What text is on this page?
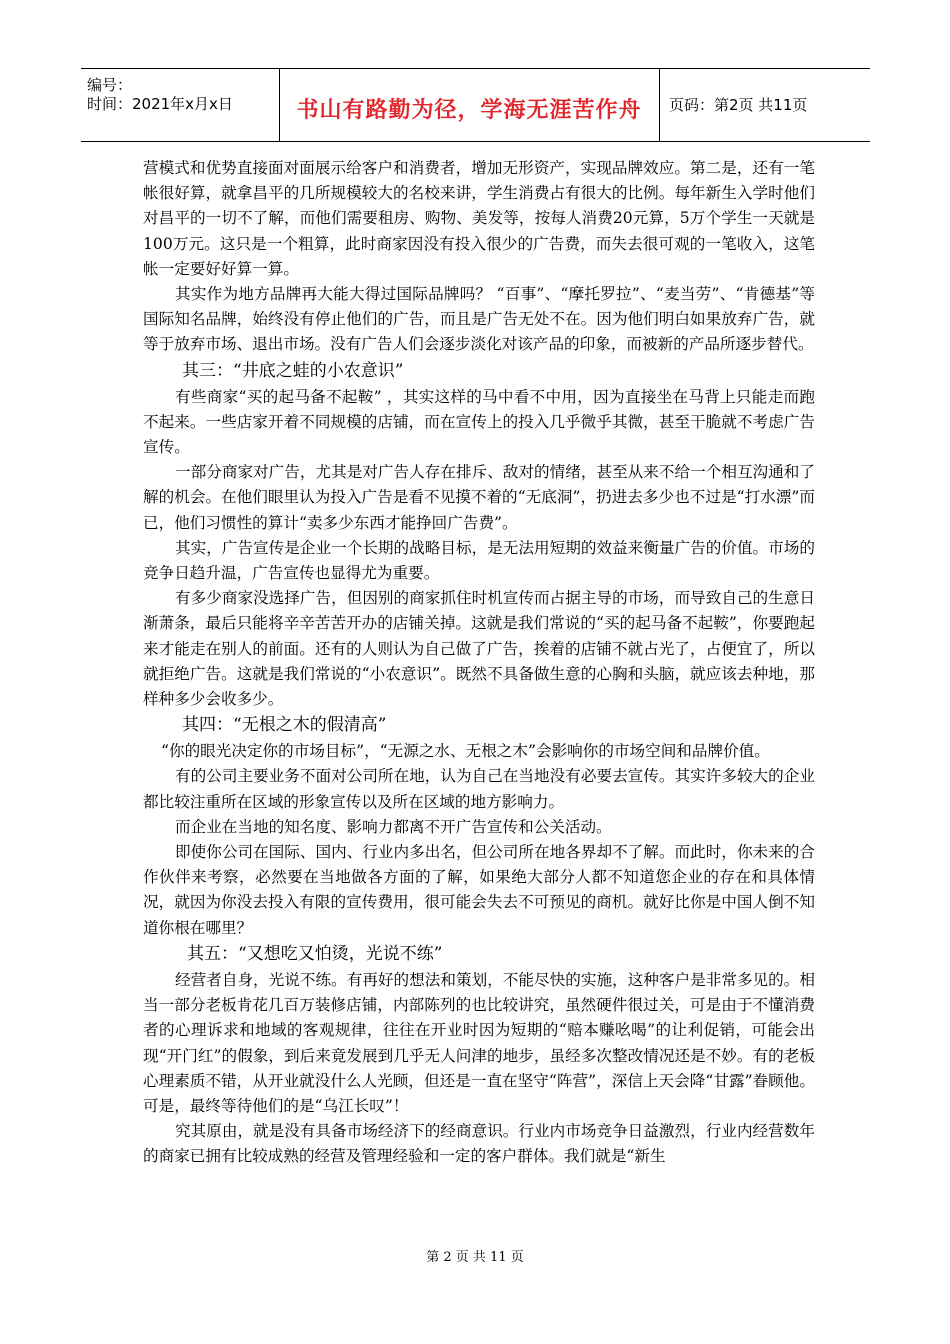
编号：
时间：2021年x月x日	书山有路勤为径，学海无涯苦作舟	页码：第2页 共11页

营模式和优势直接面对面展示给客户和消费者，增加无形资产，实现品牌效应。第二是，还有一笔帐很好算，就拿昌平的几所规模较大的名校来讲，学生消费占有很大的比例。每年新生入学时他们对昌平的一切不了解，而他们需要租房、购物、美发等，按每人消费20元算，5万个学生一天就是100万元。这只是一个粗算，此时商家因没有投入很少的广告费，而失去很可观的一笔收入，这笔帐一定要好好算一算。

其实作为地方品牌再大能大得过国际品牌吗？ “百事”、“摩托罗拉”、“麦当劳”、“肯德基”等国际知名品牌，始终没有停止他们的广告，而且是广告无处不在。因为他们明白如果放弃广告，就等于放弃市场、退出市场。没有广告人们会逐步淡化对该产品的印象，而被新的产品所逐步替代。

其三：“井底之蛙的小农意识”

有些商家“买的起马备不起鞍” ，其实这样的马中看不中用，因为直接坐在马背上只能走而跑不起来。一些店家开着不同规模的店铺，而在宣传上的投入几乎微乎其微，甚至干脆就不考虑广告宣传。

一部分商家对广告，尤其是对广告人存在排斥、敌对的情绪，甚至从来不给一个相互沟通和了解的机会。在他们眼里认为投入广告是看不见摸不着的“无底洞”，扔进去多少也不过是“打水漂”而已，他们习惯性的算计“卖多少东西才能挣回广告费”。

其实，广告宣传是企业一个长期的战略目标，是无法用短期的效益来衡量广告的价值。市场的竞争日趋升温，广告宣传也显得尤为重要。

有多少商家没选择广告，但因别的商家抓住时机宣传而占据主导的市场，而导致自己的生意日渐萧条，最后只能将辛辛苦苦开办的店铺关掉。这就是我们常说的“买的起马备不起鞍”，你要跑起来才能走在别人的前面。还有的人则认为自己做了广告，挨着的店铺不就占光了，占便宜了，所以就拒绝广告。这就是我们常说的“小农意识”。既然不具备做生意的心胸和头脑，就应该去种地，那样种多少会收多少。

其四：“无根之木的假清高”

“你的眼光决定你的市场目标”，“无源之水、无根之木”会影响你的市场空间和品牌价值。

有的公司主要业务不面对公司所在地，认为自己在当地没有必要去宣传。其实许多较大的企业都比较注重所在区域的形象宣传以及所在区域的地方影响力。

而企业在当地的知名度、影响力都离不开广告宣传和公关活动。

即使你公司在国际、国内、行业内多出名，但公司所在地各界却不了解。而此时，你未来的合作伙伴来考察，必然要在当地做各方面的了解，如果绝大部分人都不知道您企业的存在和具体情况，就因为你没去投入有限的宣传费用，很可能会失去不可预见的商机。就好比你是中国人倒不知道你根在哪里？

其五：“又想吃又怕烫，光说不练”

经营者自身，光说不练。有再好的想法和策划，不能尽快的实施，这种客户是非常多见的。相当一部分老板肯花几百万装修店铺，内部陈列的也比较讲究，虽然硬件很过关，可是由于不懂消费者的心理诉求和地域的客观规律，往往在开业时因为短期的“赔本赚吆喝”的让利促销，可能会出现“开门红”的假象，到后来竟发展到几乎无人问津的地步，虽经多次整改情况还是不妙。有的老板心理素质不错，从开业就没什么人光顾，但还是一直在坚守“阵营”，深信上天会降“甘露”眷顾他。可是，最终等待他们的是“乌江长叹”！

究其原由，就是没有具备市场经济下的经商意识。行业内市场竞争日益激烈，行业内经营数年的商家已拥有比较成熟的经营及管理经验和一定的客户群体。我们就是“新生

第 2 页 共 11 页
